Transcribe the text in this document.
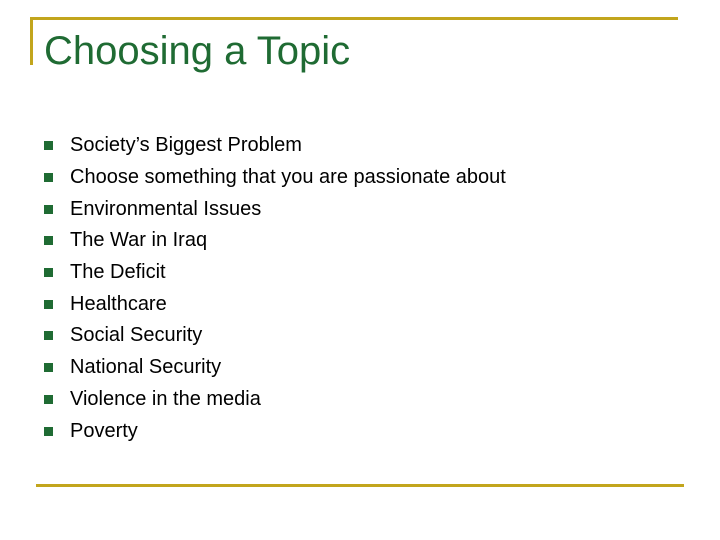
Choosing a Topic
Society’s Biggest Problem
Choose something that you are passionate about
Environmental Issues
The War in Iraq
The Deficit
Healthcare
Social Security
National Security
Violence in the media
Poverty
